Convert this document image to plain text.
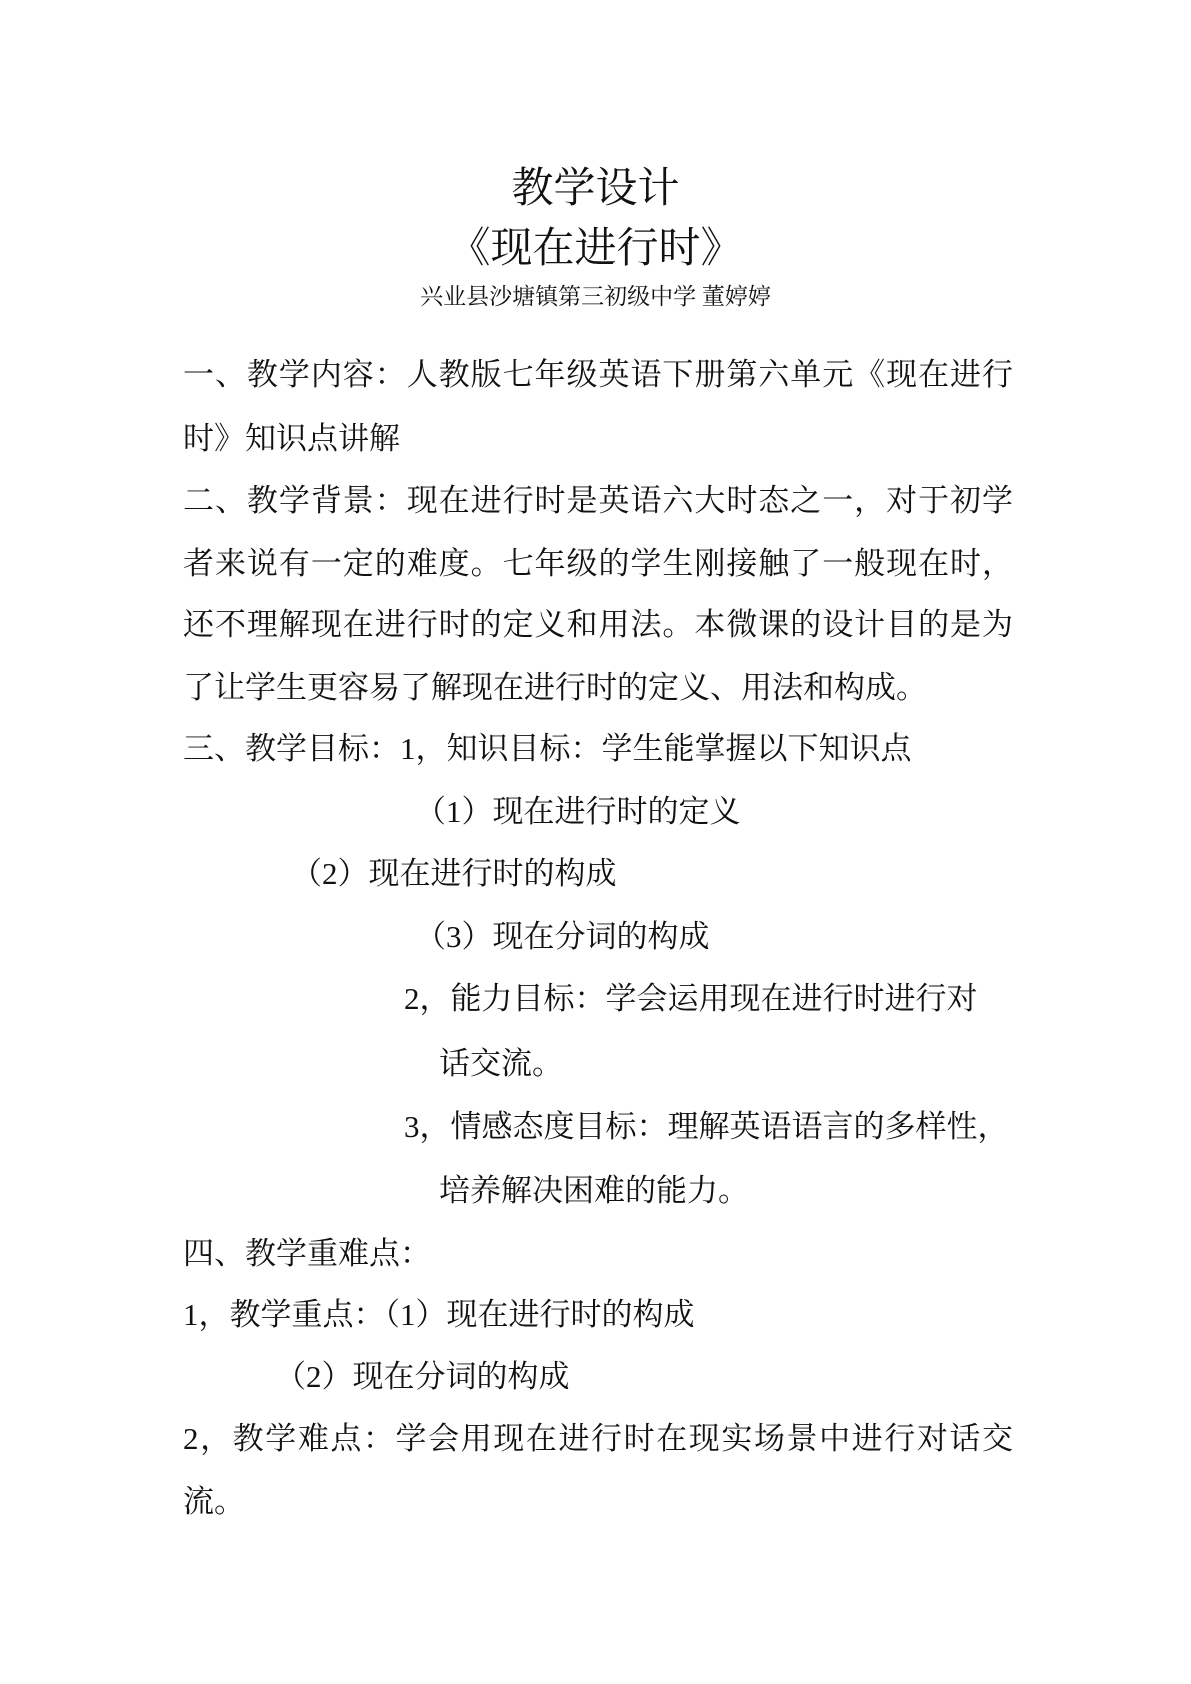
教学设计
《现在进行时》
兴业县沙塘镇第三初级中学 董婷婷
一、教学内容：人教版七年级英语下册第六单元《现在进行
时》知识点讲解
二、教学背景：现在进行时是英语六大时态之一，对于初学
者来说有一定的难度。七年级的学生刚接触了一般现在时，
还不理解现在进行时的定义和用法。本微课的设计目的是为
了让学生更容易了解现在进行时的定义、用法和构成。
三、教学目标：1，知识目标：学生能掌握以下知识点
（1）现在进行时的定义
（2）现在进行时的构成
（3）现在分词的构成
2，能力目标：学会运用现在进行时进行对
话交流。
3，情感态度目标：理解英语语言的多样性，
培养解决困难的能力。
四、教学重难点：
1，教学重点：（1）现在进行时的构成
（2）现在分词的构成
2，教学难点：学会用现在进行时在现实场景中进行对话交
流。
